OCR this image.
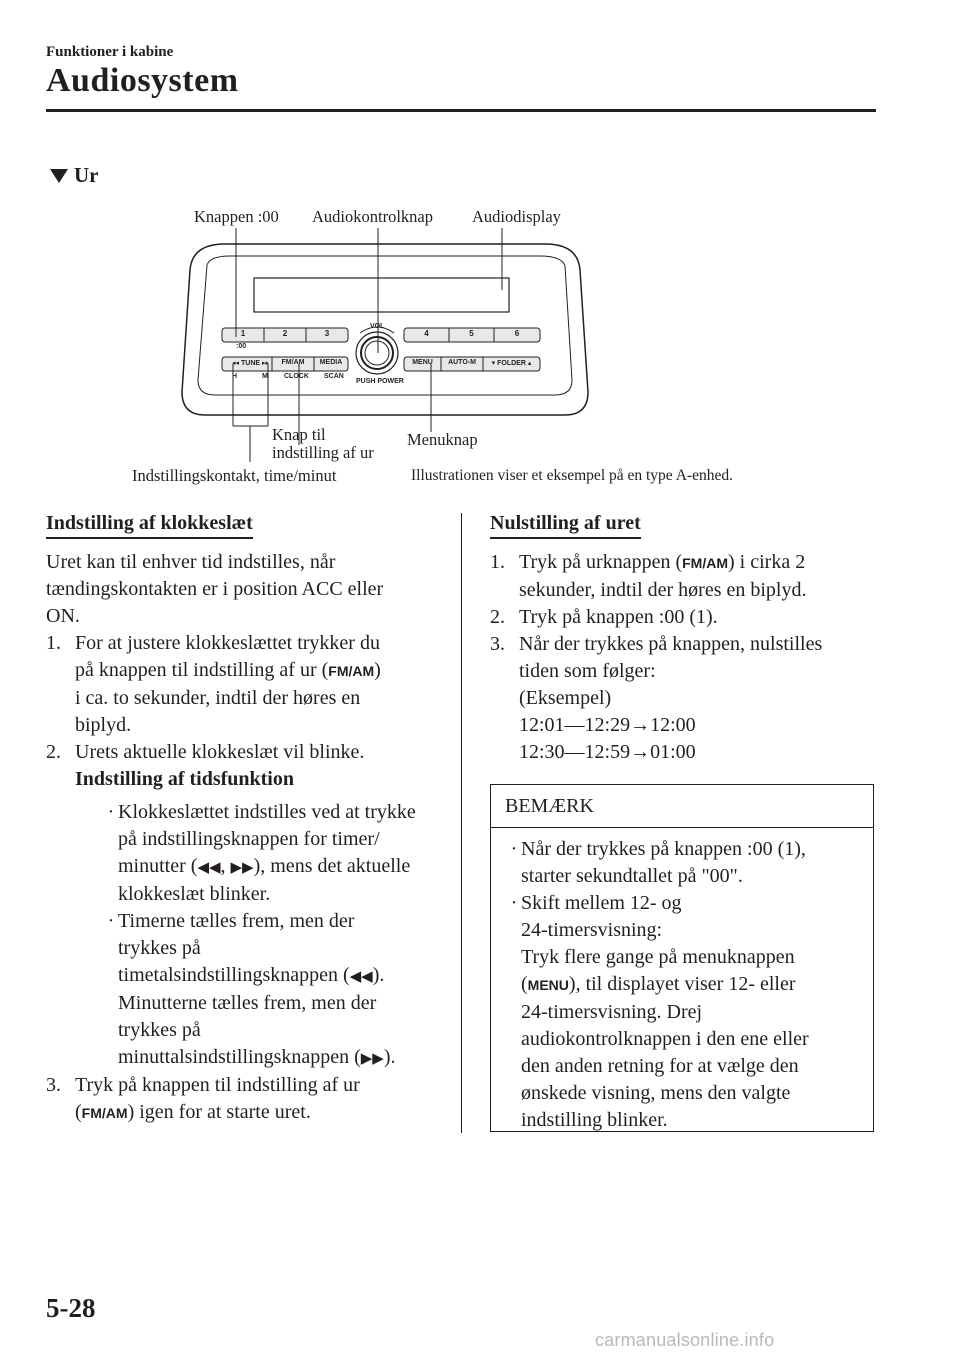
Funktioner i kabine
Audiosystem
Ur
1	2	3	4	5	6
:00
VOL
PUSH POWER
◂◂ TUNE ▸▸	FM/AM	MEDIA
H	M CLOCK SCAN
MENU	AUTO-M	▾ FOLDER ▴
Knappen :00 Audiokontrolknap Audiodisplay
Knap til
indstilling af ur
Menuknap
Indstillingskontakt, time/minut	Illustrationen viser et eksempel på en type A-enhed.
Indstilling af klokkeslæt

Uret kan til enhver tid indstilles, når

tændingskontakten er i position ACC eller

ON.

1. For at justere klokkeslættet trykker du

på knappen til indstilling af ur (FM/AM)

i ca. to sekunder, indtil der høres en

biplyd.

2. Urets aktuelle klokkeslæt vil blinke.

Indstilling af tidsfunktion

· Klokkeslættet indstilles ved at trykke

på indstillingsknappen for timer/

minutter (◀◀, ▶▶), mens det aktuelle

klokkeslæt blinker.

· Timerne tælles frem, men der

trykkes på

timetalsindstillingsknappen (◀◀).

Minutterne tælles frem, men der

trykkes på

minuttalsindstillingsknappen (▶▶).

3. Tryk på knappen til indstilling af ur

(FM/AM) igen for at starte uret.

Nulstilling af uret

1. Tryk på urknappen (FM/AM) i cirka 2

sekunder, indtil der høres en biplyd.

2. Tryk på knappen :00 (1).

3. Når der trykkes på knappen, nulstilles

tiden som følger:

(Eksempel)

12:01―12:29→12:00

12:30―12:59→01:00

BEMÆRK

· Når der trykkes på knappen :00 (1),

starter sekundtallet på "00".

· Skift mellem 12- og

24-timersvisning:

Tryk flere gange på menuknappen

(MENU), til displayet viser 12- eller

24-timersvisning. Drej

audiokontrolknappen i den ene eller

den anden retning for at vælge den

ønskede visning, mens den valgte

indstilling blinker.

5-28
carmanualsonline.info
